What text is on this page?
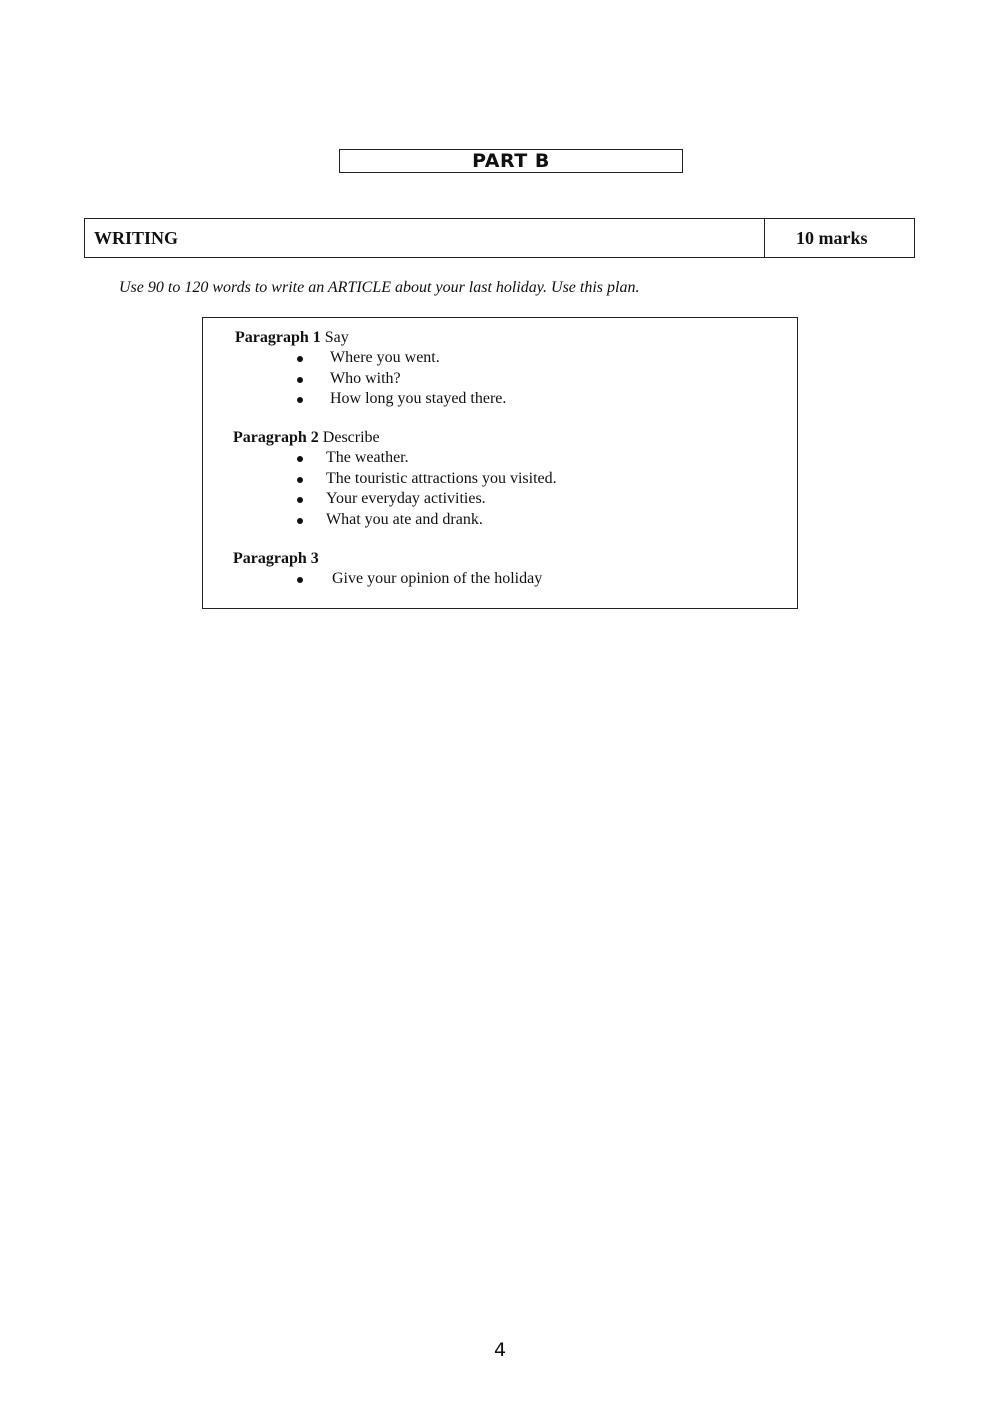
PART B
WRITING	10 marks
Use 90 to 120 words to write an ARTICLE about your last holiday. Use this plan.
Paragraph 1 Say
Where you went.
Who with?
How long you stayed there.
Paragraph 2 Describe
The weather.
The touristic attractions you visited.
Your everyday activities.
What you ate and drank.
Paragraph 3
Give your opinion of the holiday
4
